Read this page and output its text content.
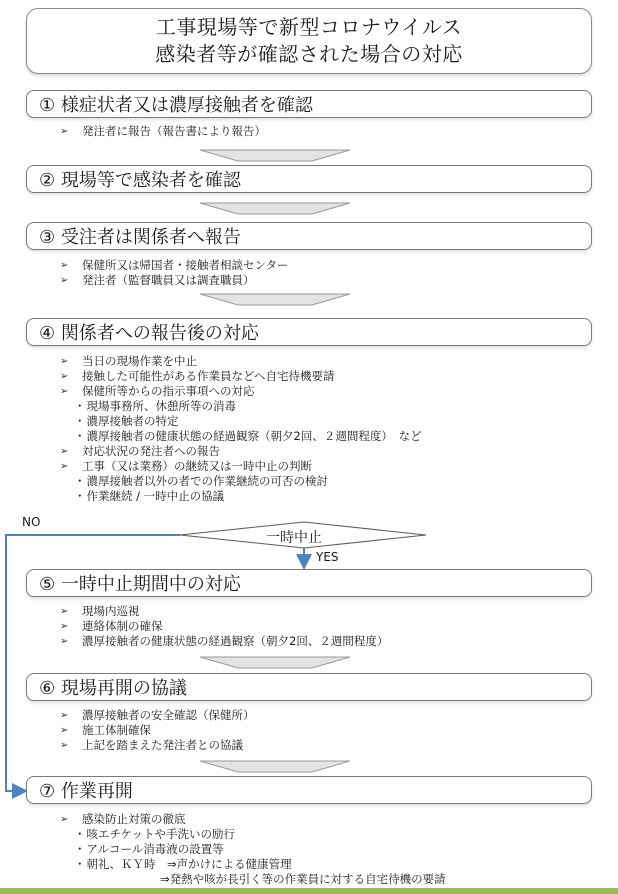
工事現場等で新型コロナウイルス
感染者等が確認された場合の対応
① 様症状者又は濃厚接触者を確認
➢	発注者に報告（報告書により報告）
② 現場等で感染者を確認
③ 受注者は関係者へ報告
➢	保健所又は帰国者・接触者相談センター
➢	発注者（監督職員又は調査職員）
④ 関係者への報告後の対応
➢	当日の現場作業を中止
➢	接触した可能性がある作業員などへ自宅待機要請
➢	保健所等からの指示事項への対応
・ 現場事務所、休憩所等の消毒
・ 濃厚接触者の特定
・ 濃厚接触者の健康状態の経過観察（朝夕2回、２週間程度）　など
➢	対応状況の発注者への報告
➢	工事（又は業務）の継続又は一時中止の判断
・ 濃厚接触者以外の者での作業継続の可否の検討
・ 作業継続 / 一時中止の協議
NO
一時中止
YES
⑤ 一時中止期間中の対応
➢	現場内巡視
➢	連絡体制の確保
➢	濃厚接触者の健康状態の経過観察（朝夕2回、２週間程度）
⑥ 現場再開の協議
➢	濃厚接触者の安全確認（保健所）
➢	施工体制確保
➢	上記を踏まえた発注者との協議
⑦ 作業再開
➢	感染防止対策の徹底
・ 咳エチケットや手洗いの励行
・ アルコール消毒液の設置等
・ 朝礼、ＫＹ時　⇒声かけによる健康管理
⇒発熱や咳が長引く等の作業員に対する自宅待機の要請
